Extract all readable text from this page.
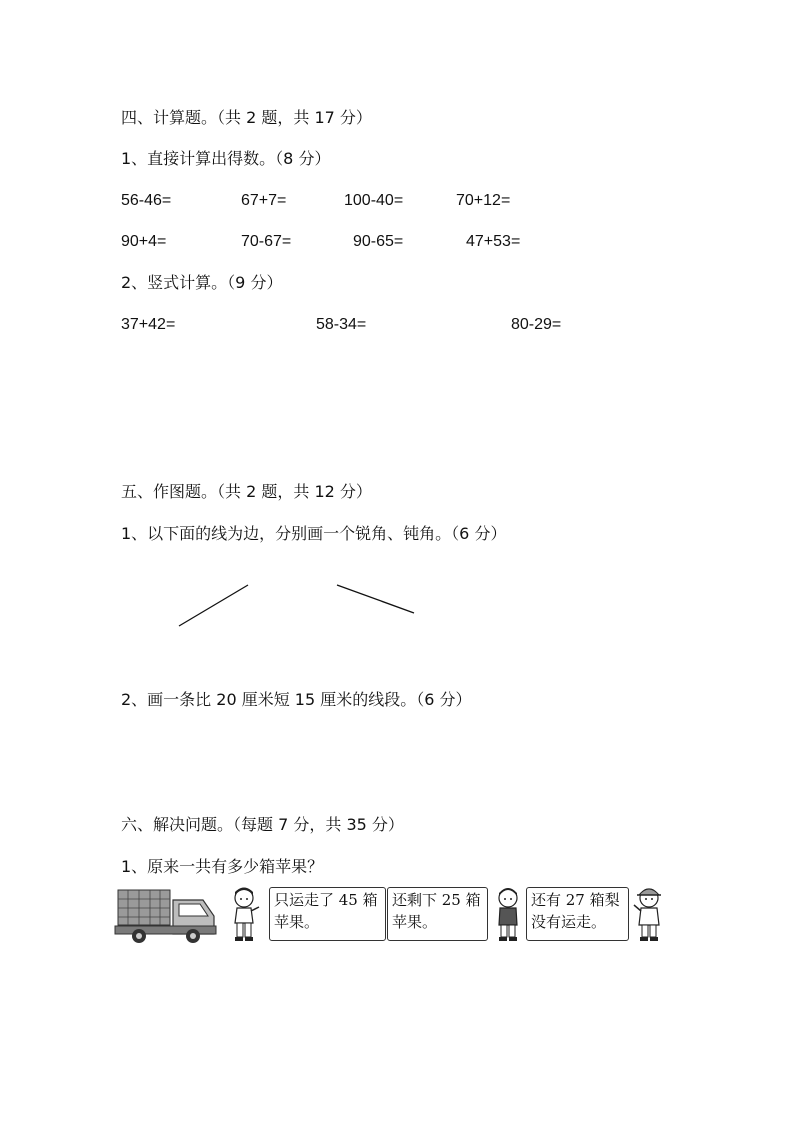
四、计算题。（共 2 题，共 17 分）
1、直接计算出得数。（8 分）
56-46=	67+7=	100-40=	70+12=
90+4=	70-67=	90-65=	47+53=
2、竖式计算。（9 分）
37+42=	58-34=	80-29=
五、作图题。（共 2 题，共 12 分）
1、以下面的线为边，分别画一个锐角、钝角。（6 分）
2、画一条比 20 厘米短 15 厘米的线段。（6 分）
六、解决问题。（每题 7 分，共 35 分）
1、原来一共有多少箱苹果？
只运走了 45 箱
苹果。
还剩下 25 箱
苹果。
还有 27 箱梨
没有运走。
